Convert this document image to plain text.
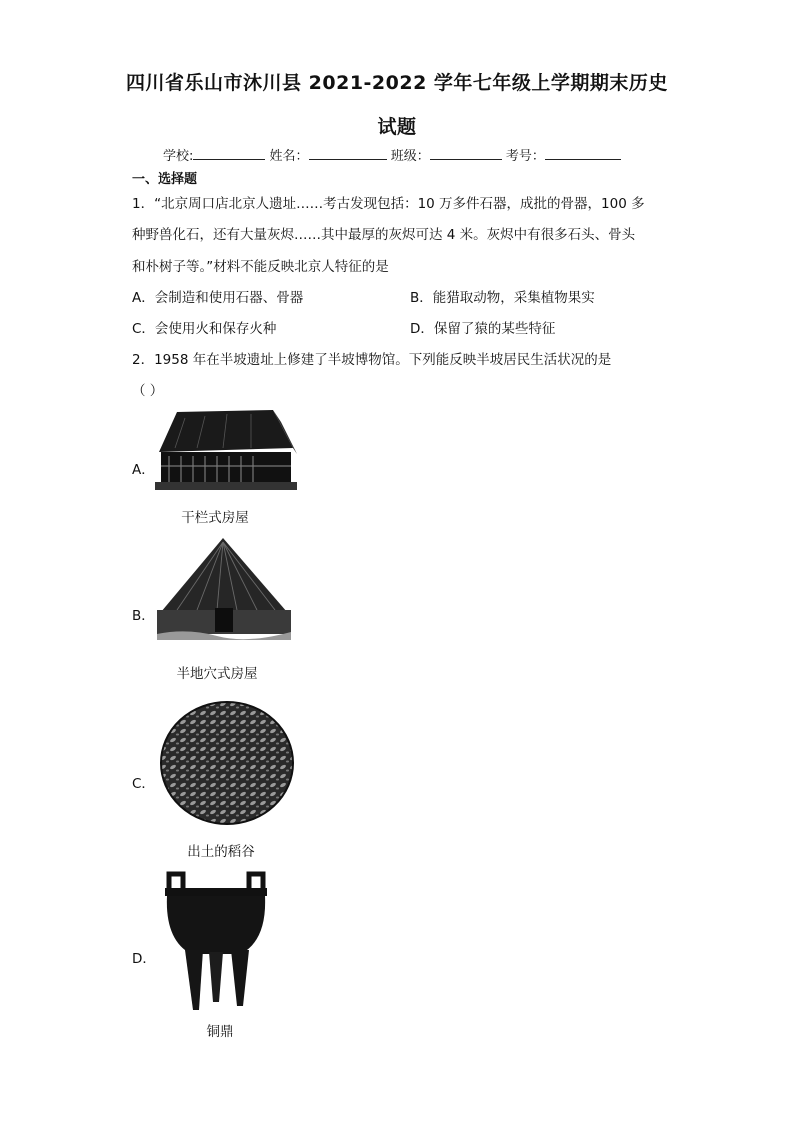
四川省乐山市沐川县 2021-2022 学年七年级上学期期末历史
试题
学校:	姓名：	班级：	考号：
一、选择题
1．“北京周口店北京人遗址……考古发现包括：10 万多件石器，成批的骨器，100 多
种野兽化石，还有大量灰烬……其中最厚的灰烬可达 4 米。灰烬中有很多石头、骨头
和朴树子等。”材料不能反映北京人特征的是
A．会制造和使用石器、骨器	B．能猎取动物，采集植物果实
C．会使用火和保存火种	D．保留了猿的某些特征
2．1958 年在半坡遗址上修建了半坡博物馆。下列能反映半坡居民生活状况的是
（ ）
A．
干栏式房屋
B．
半地穴式房屋
C．
出土的稻谷
D．
铜鼎
